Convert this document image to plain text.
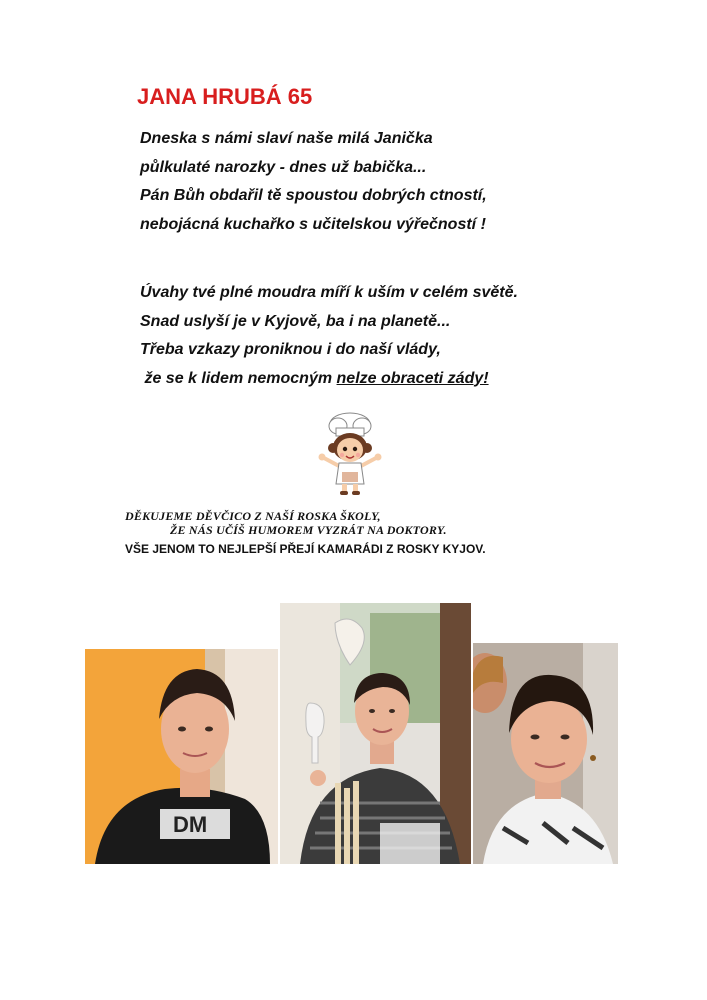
JANA HRUBÁ 65
Dneska s námi slaví naše milá Janička
půlkulaté narozky - dnes už babička...
Pán Bůh obdařil tě spoustou dobrých ctností,
nebojácná kuchařko s učitelskou výřečností !
Úvahy tvé plné moudra míří k uším v celém světě.
Snad uslyší je v Kyjově, ba i na planetě...
Třeba vzkazy proniknou i do naší vlády,
že se k lidem nemocným nelze obraceti zády!
DĚKUJEME DĚVČICO Z NAŠÍ ROSKA ŠKOLY,
ŽE NÁS UČÍŠ HUMOREM VYZRÁT NA DOKTORY.

VŠE JENOM TO NEJLEPŠÍ PŘEJÍ KAMARÁDI Z ROSKY KYJOV.

DM
